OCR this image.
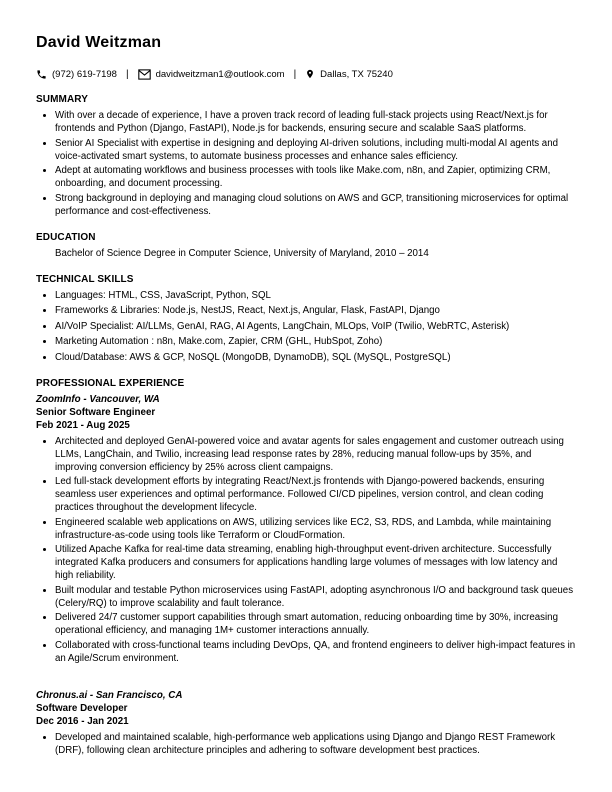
David Weitzman
(972) 619-7198 |	davidweitzman1@outlook.com |	Dallas, TX 75240
SUMMARY
• With over a decade of experience, I have a proven track record of leading full-stack projects using React/Next.js for frontends and Python (Django, FastAPI), Node.js for backends, ensuring secure and scalable SaaS platforms.
• Senior AI Specialist with expertise in designing and deploying AI-driven solutions, including multi-modal AI agents and voice-activated smart systems, to automate business processes and enhance sales efficiency.
• Adept at automating workflows and business processes with tools like Make.com, n8n, and Zapier, optimizing CRM, onboarding, and document processing.
• Strong background in deploying and managing cloud solutions on AWS and GCP, transitioning microservices for optimal performance and cost-effectiveness.
EDUCATION
Bachelor of Science Degree in Computer Science, University of Maryland, 2010 – 2014
TECHNICAL SKILLS
• Languages: HTML, CSS, JavaScript, Python, SQL
• Frameworks & Libraries: Node.js, NestJS, React, Next.js, Angular, Flask, FastAPI, Django
• AI/VoIP Specialist: AI/LLMs, GenAI, RAG, AI Agents, LangChain, MLOps, VoIP (Twilio, WebRTC, Asterisk)
• Marketing Automation : n8n, Make.com, Zapier, CRM (GHL, HubSpot, Zoho)
• Cloud/Database: AWS & GCP, NoSQL (MongoDB, DynamoDB), SQL (MySQL, PostgreSQL)
PROFESSIONAL EXPERIENCE
ZoomInfo - Vancouver, WA
Senior Software Engineer
Feb 2021 - Aug 2025
• Architected and deployed GenAI-powered voice and avatar agents for sales engagement and customer outreach using LLMs, LangChain, and Twilio, increasing lead response rates by 28%, reducing manual follow-ups by 35%, and improving conversion efficiency by 25% across client campaigns.
• Led full-stack development efforts by integrating React/Next.js frontends with Django-powered backends, ensuring seamless user experiences and optimal performance. Followed CI/CD pipelines, version control, and clean coding practices throughout the development lifecycle.
• Engineered scalable web applications on AWS, utilizing services like EC2, S3, RDS, and Lambda, while maintaining infrastructure-as-code using tools like Terraform or CloudFormation.
• Utilized Apache Kafka for real-time data streaming, enabling high-throughput event-driven architecture. Successfully integrated Kafka producers and consumers for applications handling large volumes of messages with low latency and high reliability.
• Built modular and testable Python microservices using FastAPI, adopting asynchronous I/O and background task queues (Celery/RQ) to improve scalability and fault tolerance.
• Delivered 24/7 customer support capabilities through smart automation, reducing onboarding time by 30%, increasing operational efficiency, and managing 1M+ customer interactions annually.
• Collaborated with cross-functional teams including DevOps, QA, and frontend engineers to deliver high-impact features in an Agile/Scrum environment.
Chronus.ai - San Francisco, CA
Software Developer
Dec 2016 - Jan 2021
• Developed and maintained scalable, high-performance web applications using Django and Django REST Framework (DRF), following clean architecture principles and adhering to software development best practices.
